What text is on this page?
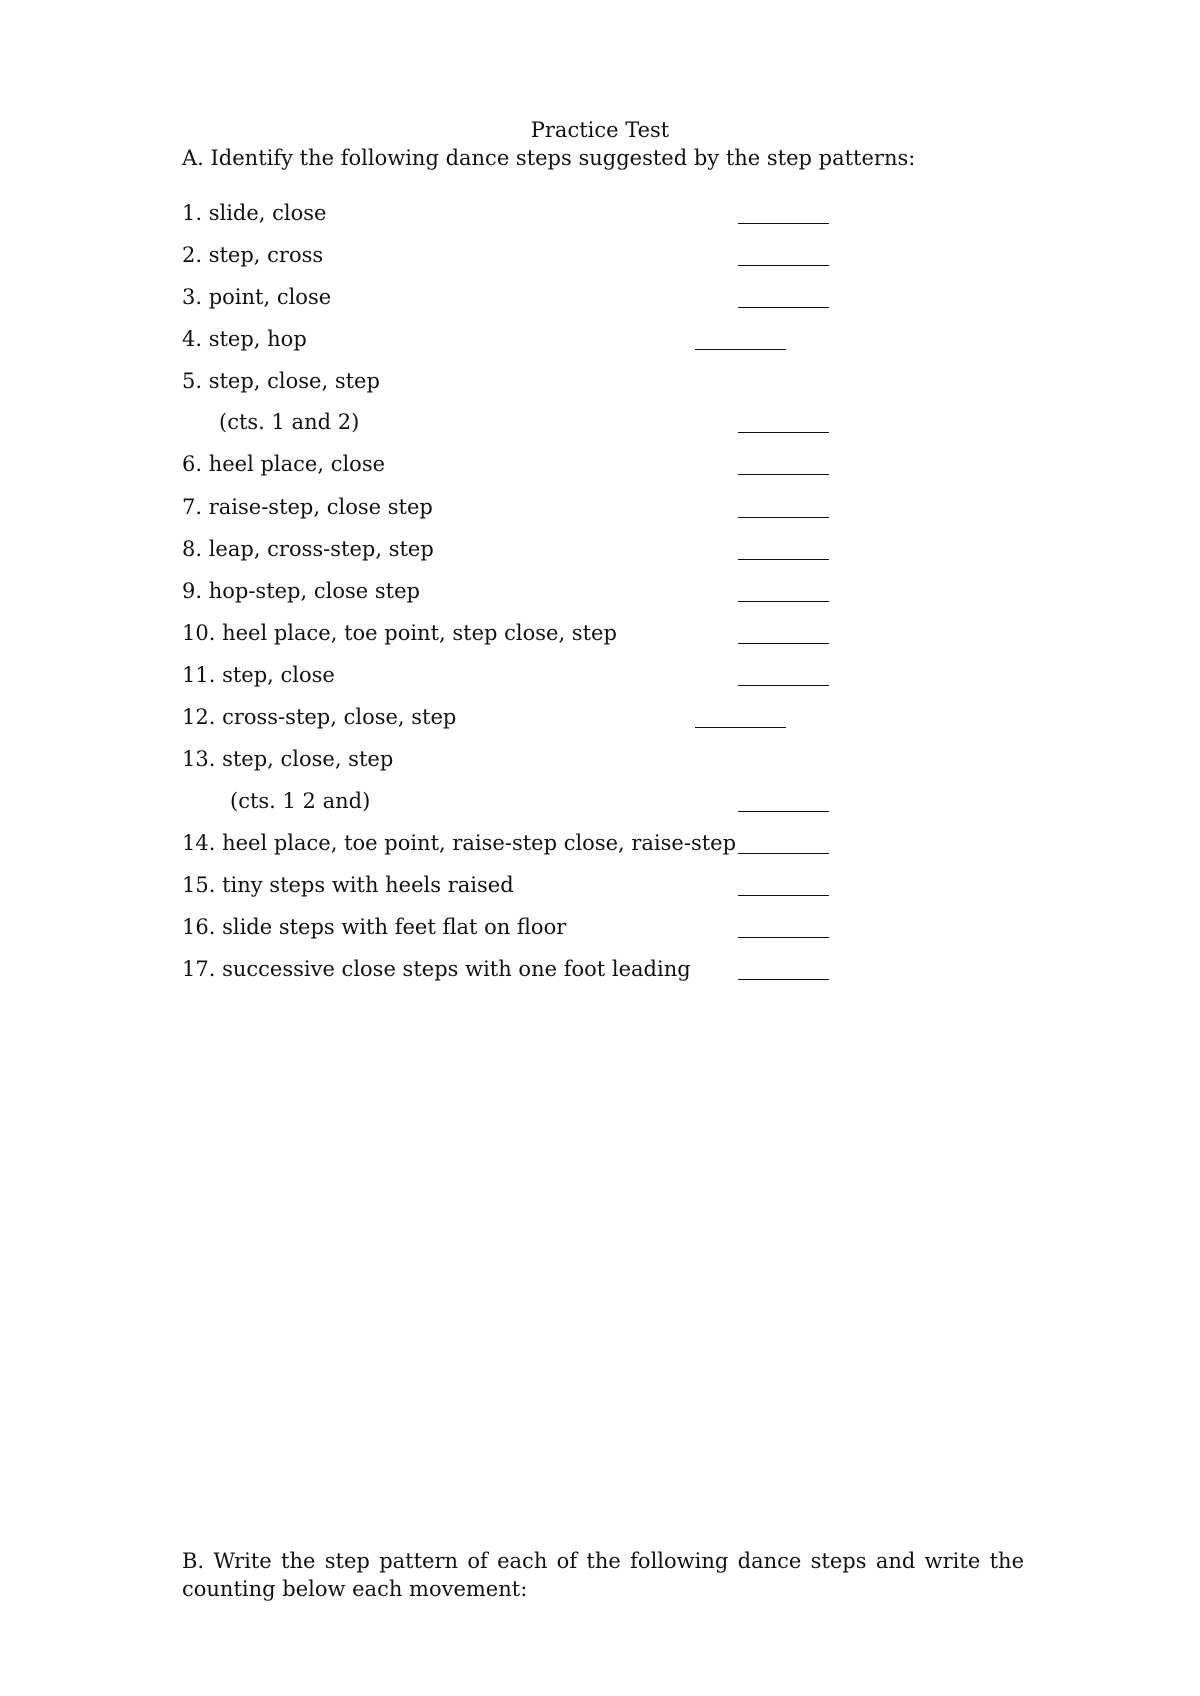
Practice Test
A. Identify the following dance steps suggested by the step patterns:
1. slide, close
2. step, cross
3. point, close
4. step, hop
5. step, close, step
(cts. 1 and 2)
6. heel place, close
7. raise-step, close step
8. leap, cross-step, step
9. hop-step, close step
10. heel place, toe point, step close, step
11. step, close
12. cross-step, close, step
13. step, close, step
(cts. 1 2 and)
14. heel place, toe point, raise-step close, raise-step
15. tiny steps with heels raised
16. slide steps with feet flat on floor
17. successive close steps with one foot leading
B. Write the step pattern of each of the following dance steps and write the counting below each movement:
